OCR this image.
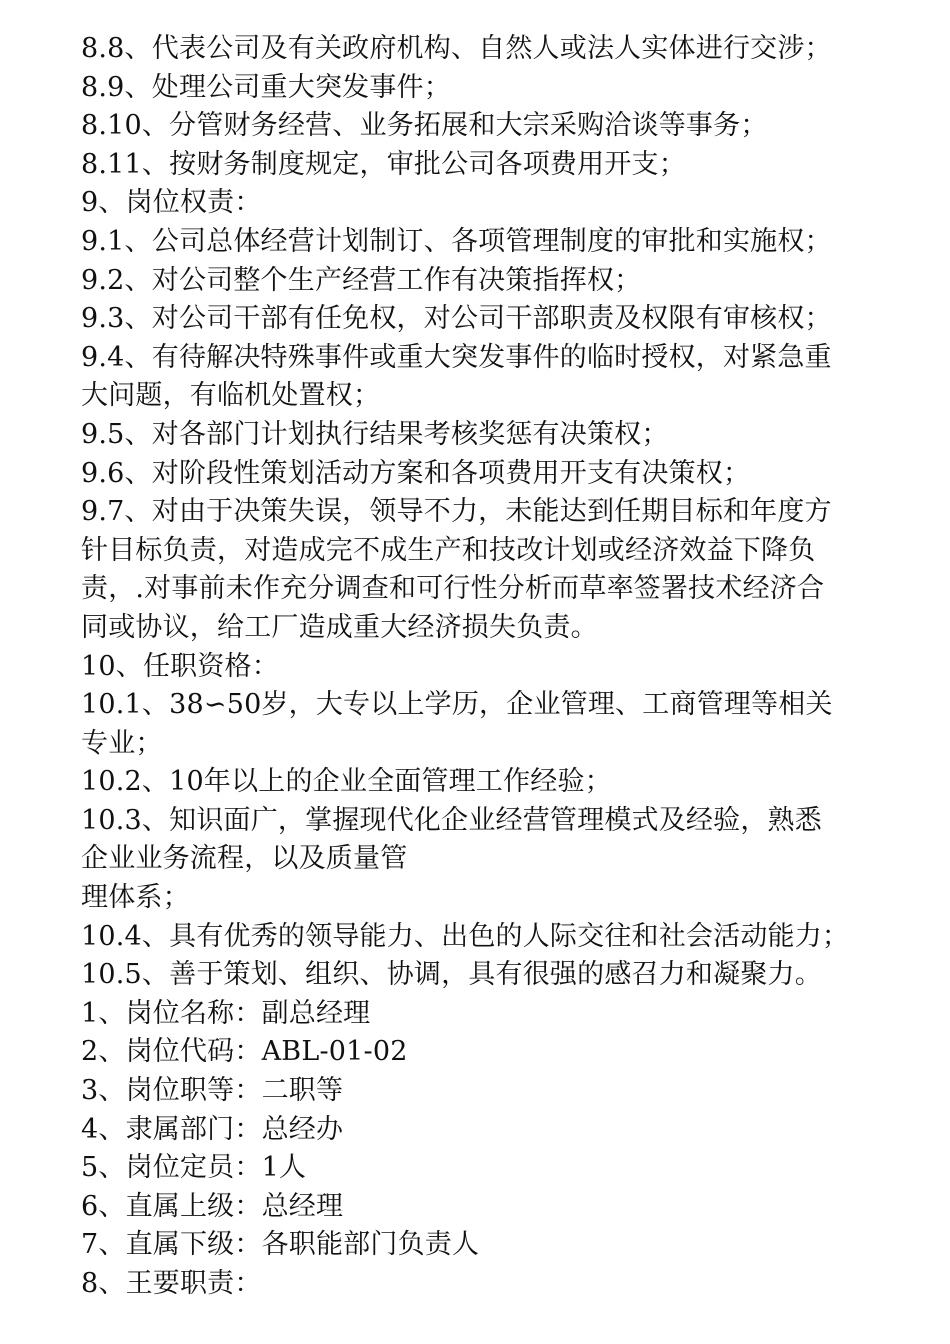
8.8、代表公司及有关政府机构、自然人或法人实体进行交涉；
8.9、处理公司重大突发事件；
8.10、分管财务经营、业务拓展和大宗采购洽谈等事务；
8.11、按财务制度规定，审批公司各项费用开支；
9、岗位权责：
9.1、公司总体经营计划制订、各项管理制度的审批和实施权；
9.2、对公司整个生产经营工作有决策指挥权；
9.3、对公司干部有任免权，对公司干部职责及权限有审核权；
9.4、有待解决特殊事件或重大突发事件的临时授权，对紧急重
大问题，有临机处置权；
9.5、对各部门计划执行结果考核奖惩有决策权；
9.6、对阶段性策划活动方案和各项费用开支有决策权；
9.7、对由于决策失误，领导不力，未能达到任期目标和年度方
针目标负责，对造成完不成生产和技改计划或经济效益下降负
责，.对事前未作充分调查和可行性分析而草率签署技术经济合
同或协议，给工厂造成重大经济损失负责。
10、任职资格：
10.1、38∽50岁，大专以上学历，企业管理、工商管理等相关
专业；
10.2、10年以上的企业全面管理工作经验；
10.3、知识面广，掌握现代化企业经营管理模式及经验，熟悉
企业业务流程，以及质量管
理体系；
10.4、具有优秀的领导能力、出色的人际交往和社会活动能力；
10.5、善于策划、组织、协调，具有很强的感召力和凝聚力。
1、岗位名称：副总经理
2、岗位代码：ABL-01-02
3、岗位职等：二职等
4、隶属部门：总经办
5、岗位定员：1人
6、直属上级：总经理
7、直属下级：各职能部门负责人
8、王要职责：
